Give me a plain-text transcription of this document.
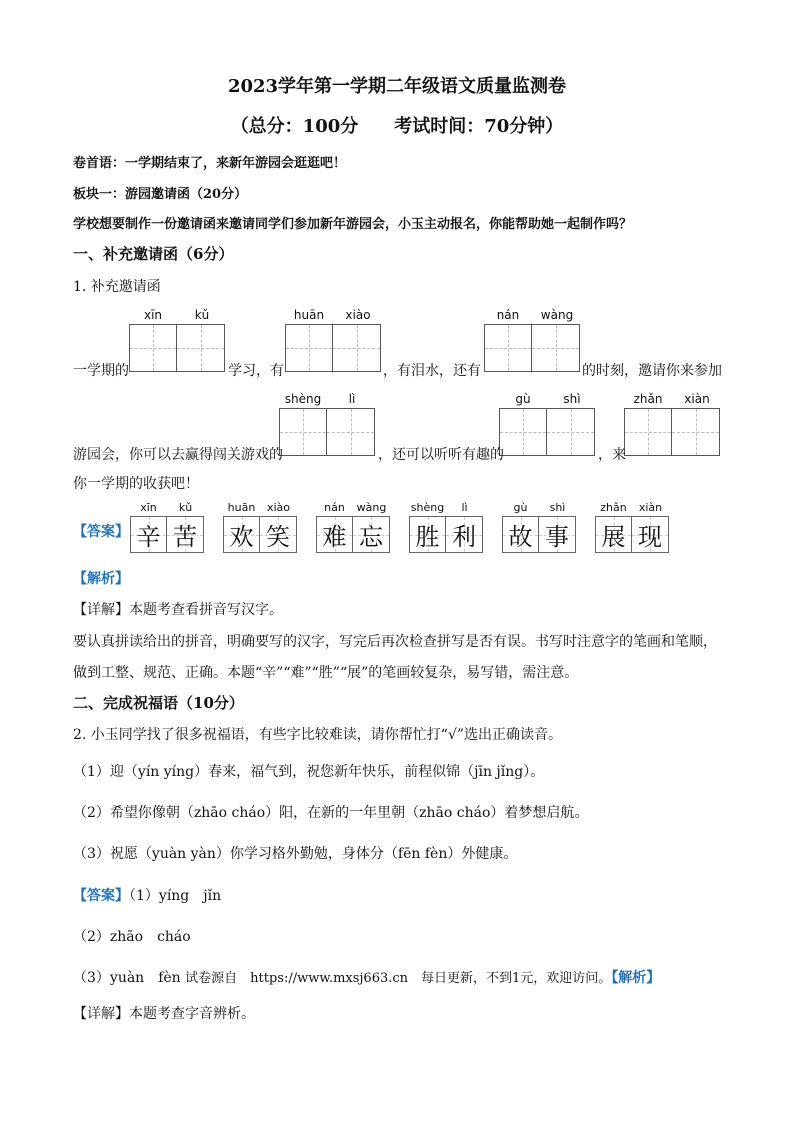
2023学年第一学期二年级语文质量监测卷
（总分：100分　　考试时间：70分钟）
卷首语：一学期结束了，来新年游园会逛逛吧！
板块一：游园邀请函（20分）
学校想要制作一份邀请函来邀请同学们参加新年游园会，小玉主动报名，你能帮助她一起制作吗？
一、补充邀请函（6分）
1. 补充邀请函
xīn	kǔ	huān	xiào	nán	wàng
一学期的	学习，有	，有泪水，还有	的时刻，邀请你来参加
shèng	lì	gù	shì	zhǎn	xiàn
游园会，你可以去赢得闯关游戏的	，还可以听听有趣的	，来
你一学期的收获吧！
【答案】
xīn	kǔ
辛 苦
huān	xiào
欢 笑
nán	wàng
难 忘
shèng	lì
胜 利
gù	shì
故 事
zhǎn	xiàn
展 现
【解析】
【详解】本题考查看拼音写汉字。
要认真拼读给出的拼音，明确要写的汉字，写完后再次检查拼写是否有误。书写时注意字的笔画和笔顺，
做到工整、规范、正确。本题“辛”“难”“胜”“展”的笔画较复杂，易写错，需注意。
二、完成祝福语（10分）
2. 小玉同学找了很多祝福语，有些字比较难读，请你帮忙打“√”选出正确读音。
（1）迎（yín yíng）春来，福气到，祝您新年快乐，前程似锦（jīn jǐng）。
（2）希望你像朝（zhāo cháo）阳，在新的一年里朝（zhāo cháo）着梦想启航。
（3）祝愿（yuàn yàn）你学习格外勤勉，身体分（fēn fèn）外健康。
【答案】（1）yíng　jǐn
（2）zhāo　cháo
（3）yuàn　fèn 试卷源自　https://www.mxsj663.cn　每日更新，不到1元，欢迎访问。【解析】
【详解】本题考查字音辨析。
